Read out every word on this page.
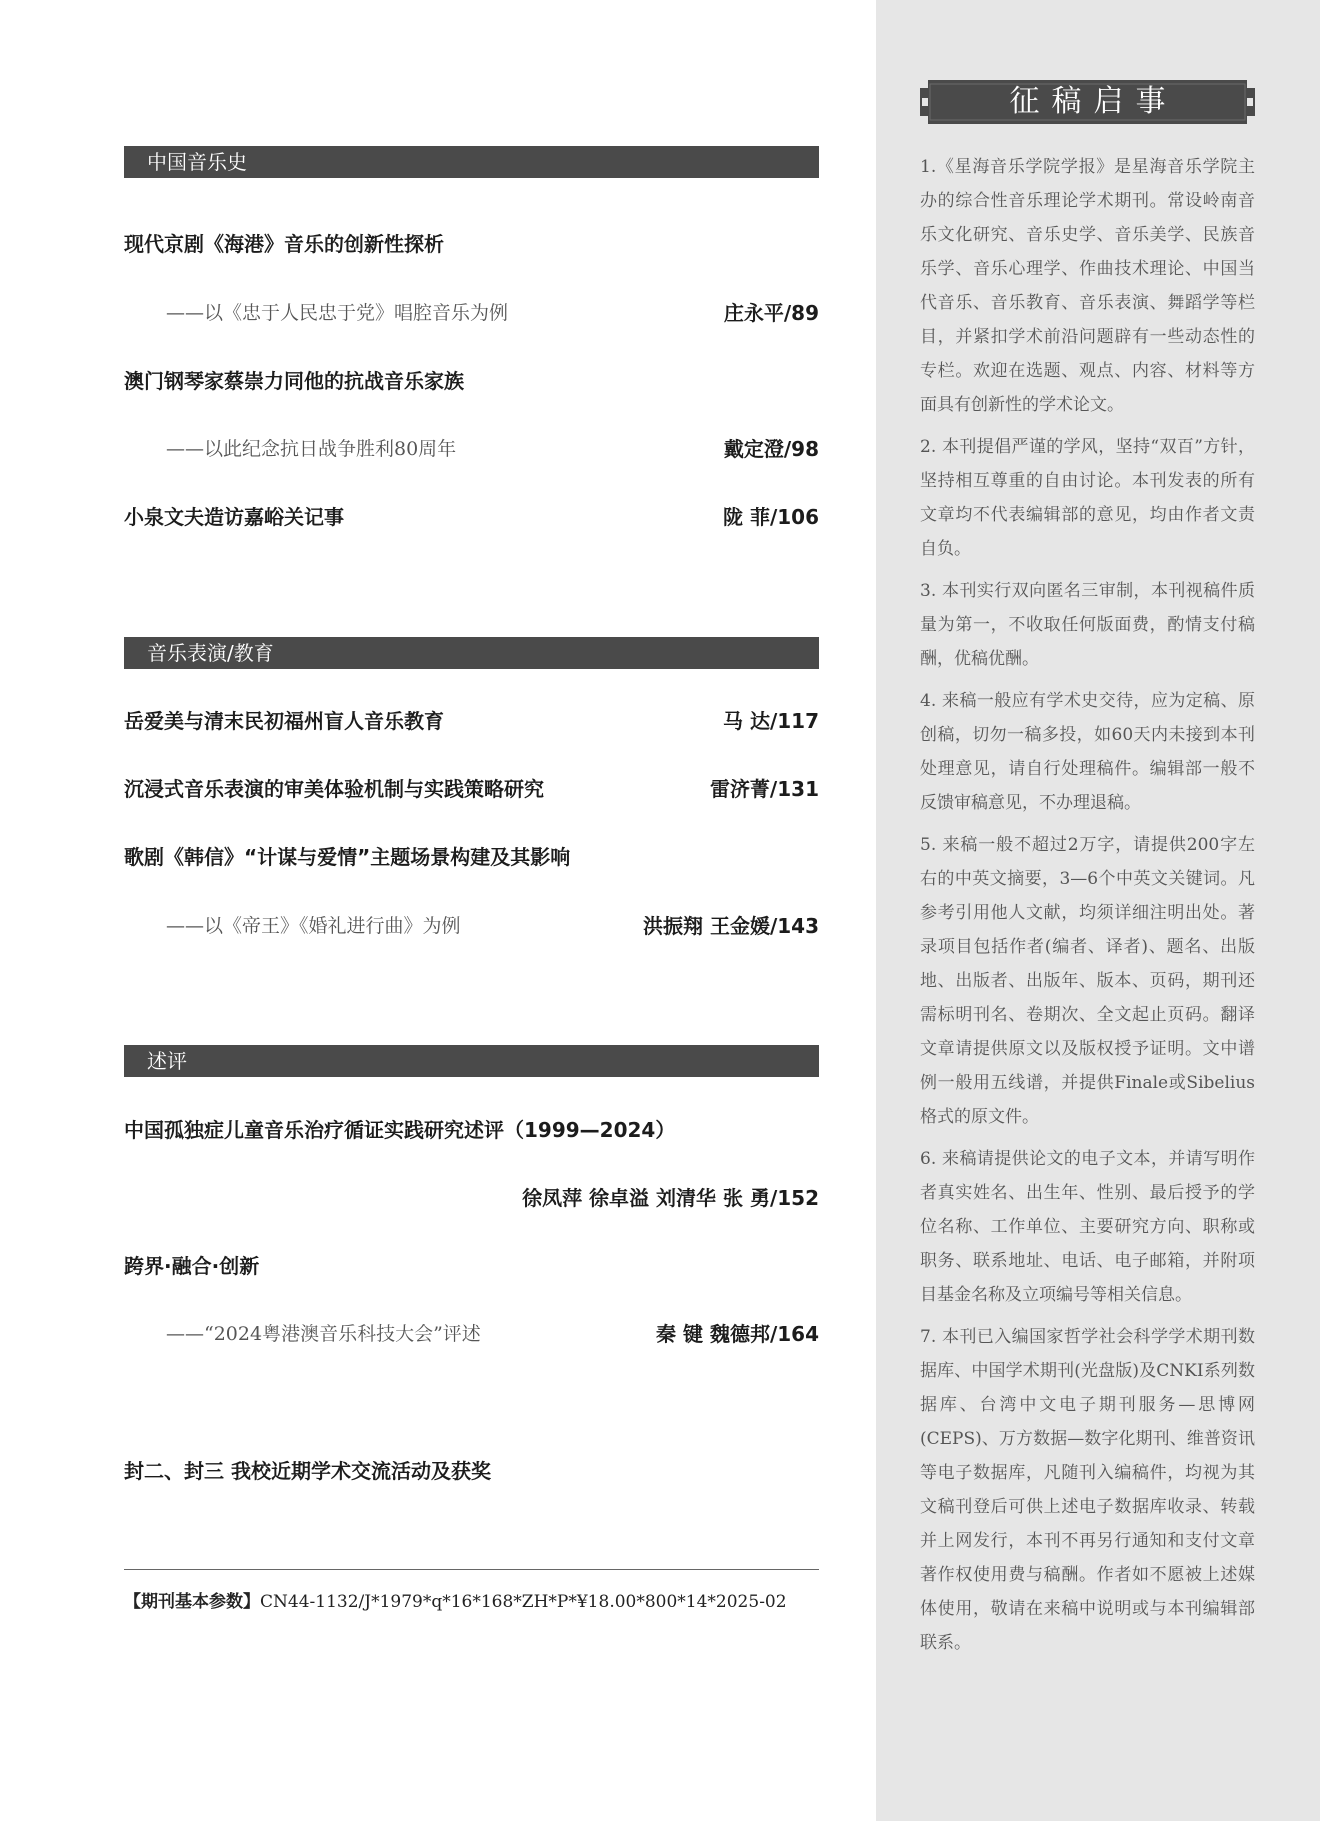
中国音乐史
现代京剧《海港》音乐的创新性探析
——以《忠于人民忠于党》唱腔音乐为例	庄永平/89
澳门钢琴家蔡崇力同他的抗战音乐家族
——以此纪念抗日战争胜利80周年	戴定澄/98
小泉文夫造访嘉峪关记事	陇 菲/106
音乐表演/教育
岳爱美与清末民初福州盲人音乐教育	马 达/117
沉浸式音乐表演的审美体验机制与实践策略研究	雷济菁/131
歌剧《韩信》“计谋与爱情”主题场景构建及其影响
——以《帝王》《婚礼进行曲》为例	洪振翔 王金媛/143
述评
中国孤独症儿童音乐治疗循证实践研究述评（1999—2024）
徐凤萍 徐卓溢 刘清华 张 勇/152
跨界·融合·创新
——“2024粤港澳音乐科技大会”评述	秦 键 魏德邦/164
封二、封三 我校近期学术交流活动及获奖
【期刊基本参数】CN44-1132/J*1979*q*16*168*ZH*P*¥18.00*800*14*2025-02
征稿启事

1.《星海音乐学院学报》是星海音乐学院主办的综合性音乐理论学术期刊。常设岭南音乐文化研究、音乐史学、音乐美学、民族音乐学、音乐心理学、作曲技术理论、中国当代音乐、音乐教育、音乐表演、舞蹈学等栏目，并紧扣学术前沿问题辟有一些动态性的专栏。欢迎在选题、观点、内容、材料等方面具有创新性的学术论文。

2. 本刊提倡严谨的学风，坚持“双百”方针，坚持相互尊重的自由讨论。本刊发表的所有文章均不代表编辑部的意见，均由作者文责自负。

3. 本刊实行双向匿名三审制，本刊视稿件质量为第一，不收取任何版面费，酌情支付稿酬，优稿优酬。

4. 来稿一般应有学术史交待，应为定稿、原创稿，切勿一稿多投，如60天内未接到本刊处理意见，请自行处理稿件。编辑部一般不反馈审稿意见，不办理退稿。

5. 来稿一般不超过2万字，请提供200字左右的中英文摘要，3—6个中英文关键词。凡参考引用他人文献，均须详细注明出处。著录项目包括作者(编者、译者)、题名、出版地、出版者、出版年、版本、页码，期刊还需标明刊名、卷期次、全文起止页码。翻译文章请提供原文以及版权授予证明。文中谱例一般用五线谱，并提供Finale或Sibelius格式的原文件。

6. 来稿请提供论文的电子文本，并请写明作者真实姓名、出生年、性别、最后授予的学位名称、工作单位、主要研究方向、职称或职务、联系地址、电话、电子邮箱，并附项目基金名称及立项编号等相关信息。

7. 本刊已入编国家哲学社会科学学术期刊数据库、中国学术期刊(光盘版)及CNKI系列数据库、台湾中文电子期刊服务—思博网(CEPS)、万方数据—数字化期刊、维普资讯等电子数据库，凡随刊入编稿件，均视为其文稿刊登后可供上述电子数据库收录、转载并上网发行，本刊不再另行通知和支付文章著作权使用费与稿酬。作者如不愿被上述媒体使用，敬请在来稿中说明或与本刊编辑部联系。
